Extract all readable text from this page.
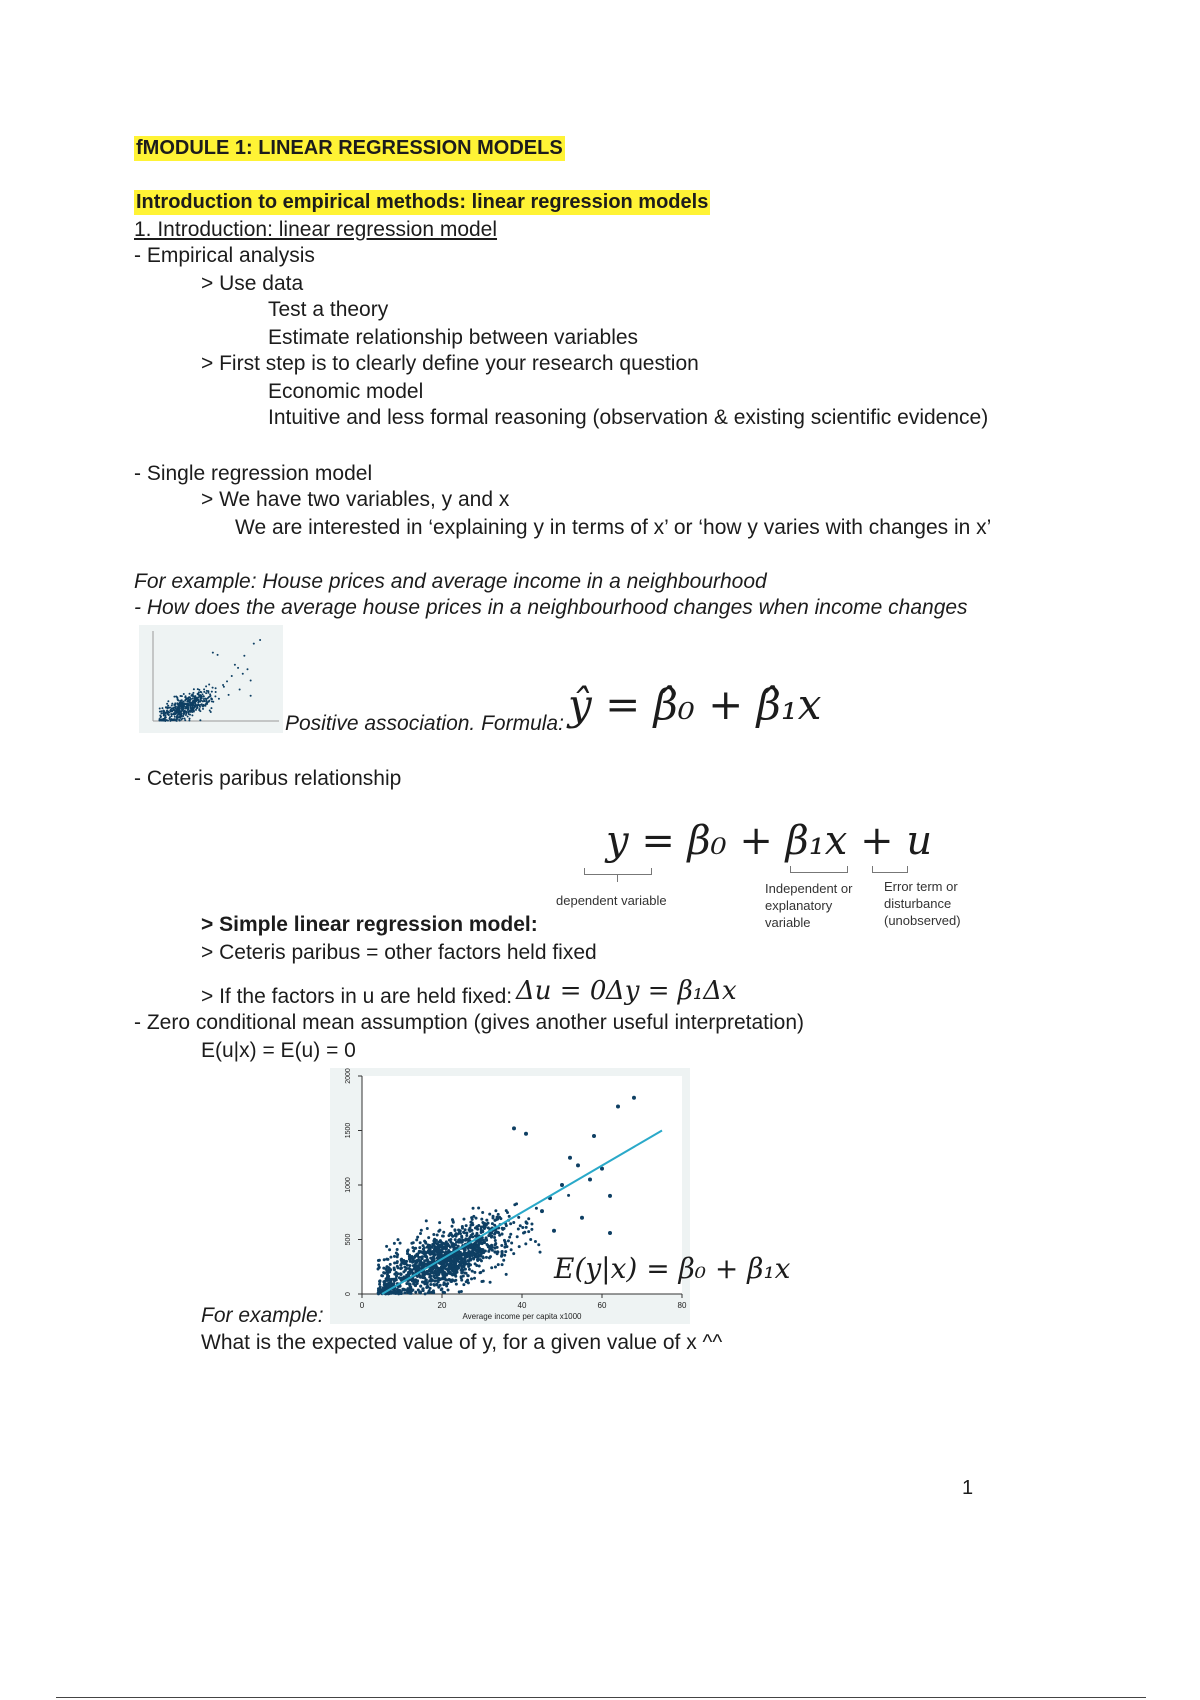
fMODULE 1: LINEAR REGRESSION MODELS
Introduction to empirical methods: linear regression models
1. Introduction: linear regression model
- Empirical analysis
> Use data
Test a theory
Estimate relationship between variables
> First step is to clearly define your research question
Economic model
Intuitive and less formal reasoning (observation & existing scientific evidence)
- Single regression model
> We have two variables, y and x
We are interested in ‘explaining y in terms of x’ or ‘how y varies with changes in x’
For example: House prices and average income in a neighbourhood
- How does the average house prices in a neighbourhood changes when income changes
Positive association. Formula: ŷ = β̂₀ + β̂₁x
- Ceteris paribus relationship
y = β₀ + β₁x + u
dependent variable
Independent or explanatory variable
Error term or disturbance (unobserved)
> Simple linear regression model:
> Ceteris paribus = other factors held fixed
> If the factors in u are held fixed: Δu = 0 Δy = β₁Δx
- Zero conditional mean assumption (gives another useful interpretation)
E(u|x) = E(u) = 0
0
500
1000
1500
2000
0	20	40	60	80
Average income per capita x1000
E(y|x) = β₀ + β₁x
For example:
What is the expected value of y, for a given value of x ^^
1
